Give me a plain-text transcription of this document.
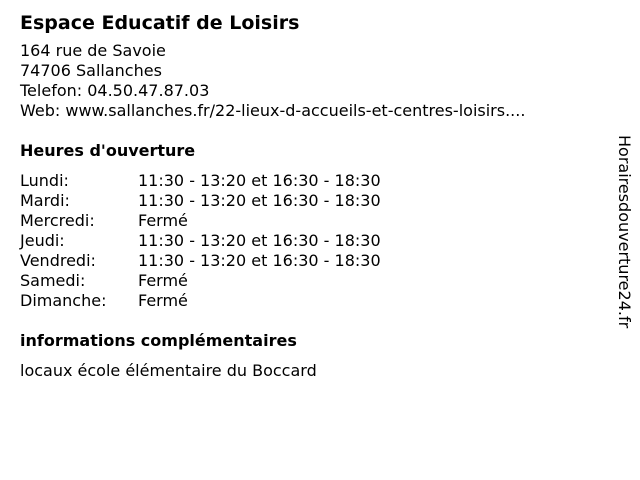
Espace Educatif de Loisirs
164 rue de Savoie
74706 Sallanches
Telefon: 04.50.47.87.03
Web: www.sallanches.fr/22-lieux-d-accueils-et-centres-loisirs....
Heures d'ouverture
Lundi:	11:30 - 13:20 et 16:30 - 18:30
Mardi:	11:30 - 13:20 et 16:30 - 18:30
Mercredi:	Fermé
Jeudi:	11:30 - 13:20 et 16:30 - 18:30
Vendredi:	11:30 - 13:20 et 16:30 - 18:30
Samedi:	Fermé
Dimanche:	Fermé
informations complémentaires
locaux école élémentaire du Boccard
Horairesdouverture24.fr
